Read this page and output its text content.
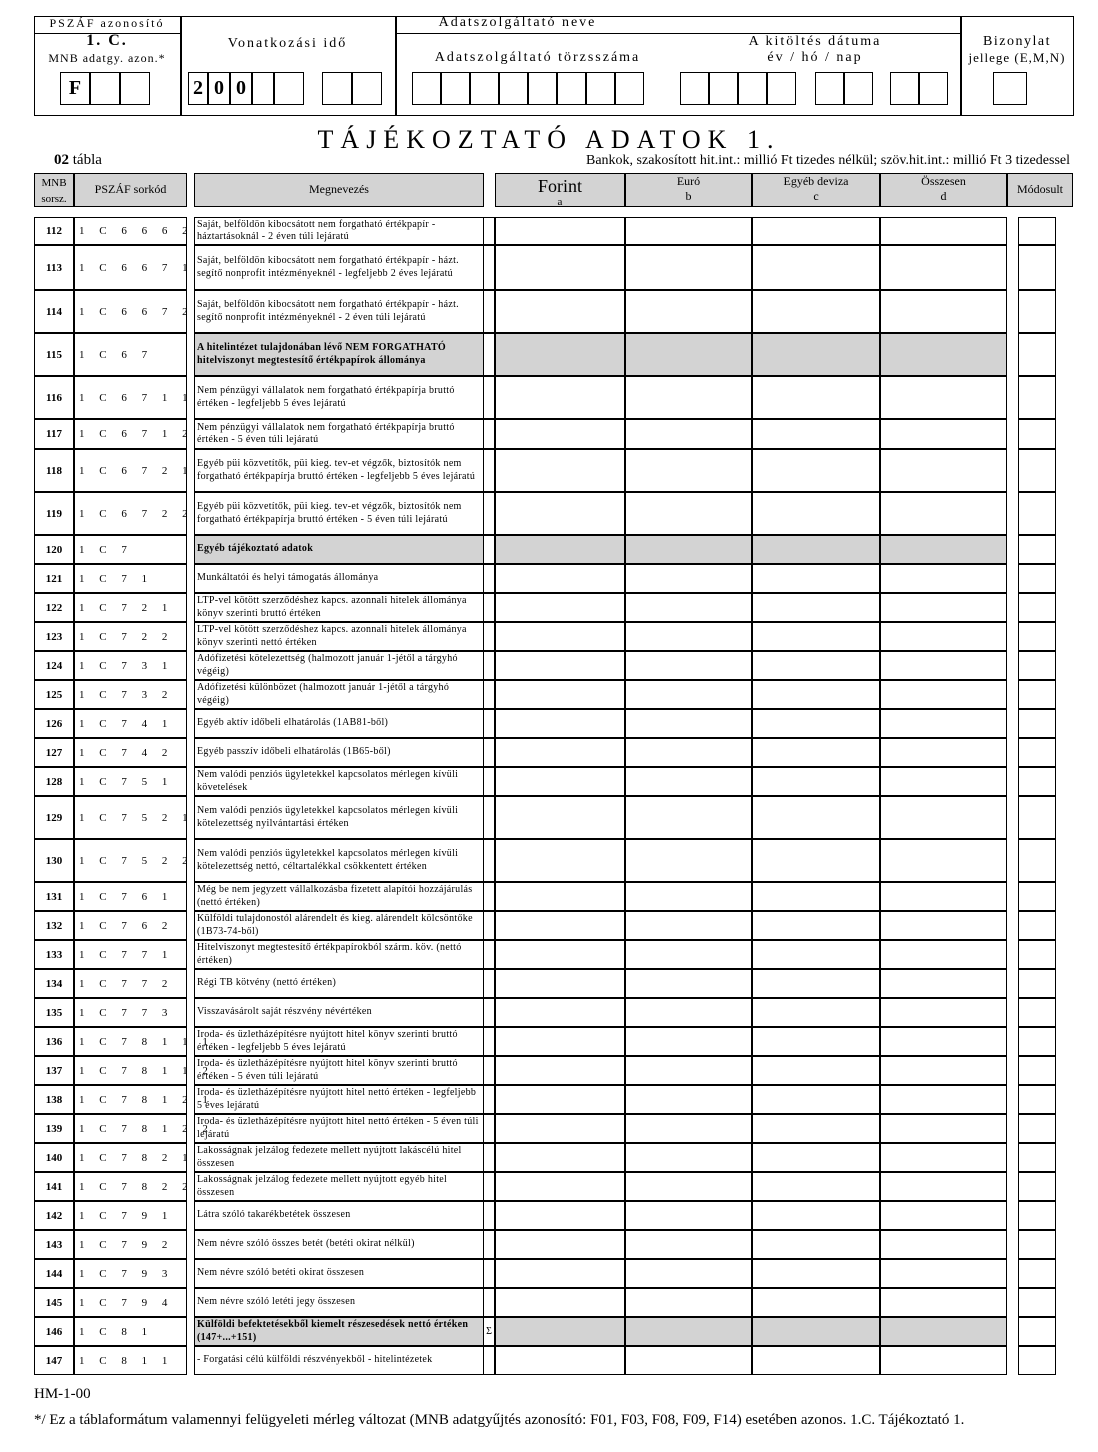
PSZÁF azonosító
1. C.
MNB adatgy. azon.*
F
Vonatkozási idő
2 0 0
Adatszolgáltató neve
Adatszolgáltató törzsszáma
A kitöltés dátuma
év / hó / nap
Bizonylat
jellege (E,M,N)
TÁJÉKOZTATÓ ADATOK 1.
02 tábla	Bankok, szakosított hit.int.: millió Ft tizedes nélkül; szöv.hit.int.: millió Ft 3 tizedessel
MNB sorsz.
PSZÁF sorkód	Megnevezés	Forint
a
Euró
b
Egyéb deviza
c
Összesen
d	Módosult
112	1 C 6 6 6 2
Saját, belföldön kibocsátott nem forgatható értékpapír - háztartásoknál - 2 éven túli lejáratú
113	1 C 6 6 7 1
Saját, belföldön kibocsátott nem forgatható értékpapír - házt. segítő nonprofit intézményeknél - legfeljebb 2 éves lejáratú
114	1 C 6 6 7 2
Saját, belföldön kibocsátott nem forgatható értékpapír - házt. segítő nonprofit intézményeknél - 2 éven túli lejáratú
115	1 C 6 7
A hitelintézet tulajdonában lévő NEM FORGATHATÓ hitelviszonyt megtestesítő értékpapírok állománya
116	1 C 6 7 1 1
Nem pénzügyi vállalatok nem forgatható értékpapírja bruttó értéken - legfeljebb 5 éves lejáratú
117	1 C 6 7 1 2
Nem pénzügyi vállalatok nem forgatható értékpapírja bruttó értéken - 5 éven túli lejáratú
118	1 C 6 7 2 1
Egyéb püi közvetítők, püi kieg. tev-et végzők, biztosítók nem forgatható értékpapírja bruttó értéken - legfeljebb 5 éves lejáratú
119	1 C 6 7 2 2
Egyéb püi közvetítők, püi kieg. tev-et végzők, biztosítók nem forgatható értékpapírja bruttó értéken - 5 éven túli lejáratú
120	1 C 7	Egyéb tájékoztató adatok
121	1 C 7 1	Munkáltatói és helyi támogatás állománya
122	1 C 7 2 1
LTP-vel kötött szerződéshez kapcs. azonnali hitelek állománya könyv szerinti bruttó értéken
123	1 C 7 2 2
LTP-vel kötött szerződéshez kapcs. azonnali hitelek állománya könyv szerinti nettó értéken
124	1 C 7 3 1
Adófizetési kötelezettség (halmozott január 1-jétől a tárgyhó végéig)
125	1 C 7 3 2
Adófizetési különbözet (halmozott január 1-jétől a tárgyhó végéig)
126	1 C 7 4 1	Egyéb aktív időbeli elhatárolás (1AB81-ből)
127	1 C 7 4 2	Egyéb passzív időbeli elhatárolás (1B65-ből)
128	1 C 7 5 1
Nem valódi penziós ügyletekkel kapcsolatos mérlegen kívüli követelések
129	1 C 7 5 2 1
Nem valódi penziós ügyletekkel kapcsolatos mérlegen kívüli kötelezettség nyilvántartási értéken
130	1 C 7 5 2 2
Nem valódi penziós ügyletekkel kapcsolatos mérlegen kívüli kötelezettség nettó, céltartalékkal csökkentett értéken
131	1 C 7 6 1
Még be nem jegyzett vállalkozásba fizetett alapítói hozzájárulás (nettó értéken)
132	1 C 7 6 2
Külföldi tulajdonostól alárendelt és kieg. alárendelt kölcsöntőke (1B73-74-ből)
133	1 C 7 7 1
Hitelviszonyt megtestesítő értékpapírokból szárm. köv. (nettó értéken)
134	1 C 7 7 2	Régi TB kötvény (nettó értéken)
135	1 C 7 7 3	Visszavásárolt saját részvény névértéken
136	1 C 7 8 1 1 1
Iroda- és üzletházépítésre nyújtott hitel könyv szerinti bruttó értéken - legfeljebb 5 éves lejáratú
137	1 C 7 8 1 1 2
Iroda- és üzletházépítésre nyújtott hitel könyv szerinti bruttó értéken - 5 éven túli lejáratú
138	1 C 7 8 1 2 1
Iroda- és üzletházépítésre nyújtott hitel nettó értéken - legfeljebb 5 éves lejáratú
139	1 C 7 8 1 2 2
Iroda- és üzletházépítésre nyújtott hitel nettó értéken - 5 éven túli lejáratú
140	1 C 7 8 2 1
Lakosságnak jelzálog fedezete mellett nyújtott lakáscélú hitel összesen
141	1 C 7 8 2 2
Lakosságnak jelzálog fedezete mellett nyújtott egyéb hitel összesen
142	1 C 7 9 1	Látra szóló takarékbetétek összesen
143	1 C 7 9 2	Nem névre szóló összes betét (betéti okirat nélkül)
144	1 C 7 9 3	Nem névre szóló betéti okirat összesen
145	1 C 7 9 4	Nem névre szóló letéti jegy összesen
146	1 C 8 1
Külföldi befektetésekből kiemelt részesedések nettó értéken (147+...+151)	Σ
147	1 C 8 1 1	- Forgatási célú külföldi részvényekből - hitelintézetek
HM-1-00
*/ Ez a táblaformátum valamennyi felügyeleti mérleg változat (MNB adatgyűjtés azonosító: F01, F03, F08, F09, F14) esetében azonos. 1.C. Tájékoztató 1.
